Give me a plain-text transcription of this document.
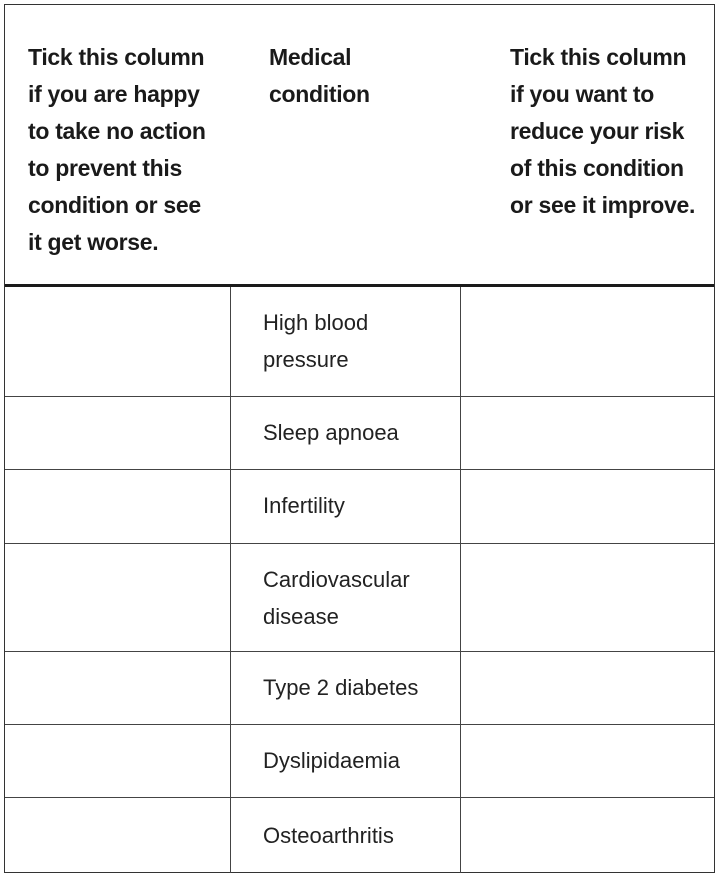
Tick this column
if you are happy
to take no action
to prevent this
condition or see
it get worse.
Medical
condition
Tick this column
if you want to
reduce your risk
of this condition
or see it improve.
High blood
pressure
Sleep apnoea
Infertility
Cardiovascular
disease
Type 2 diabetes
Dyslipidaemia
Osteoarthritis
